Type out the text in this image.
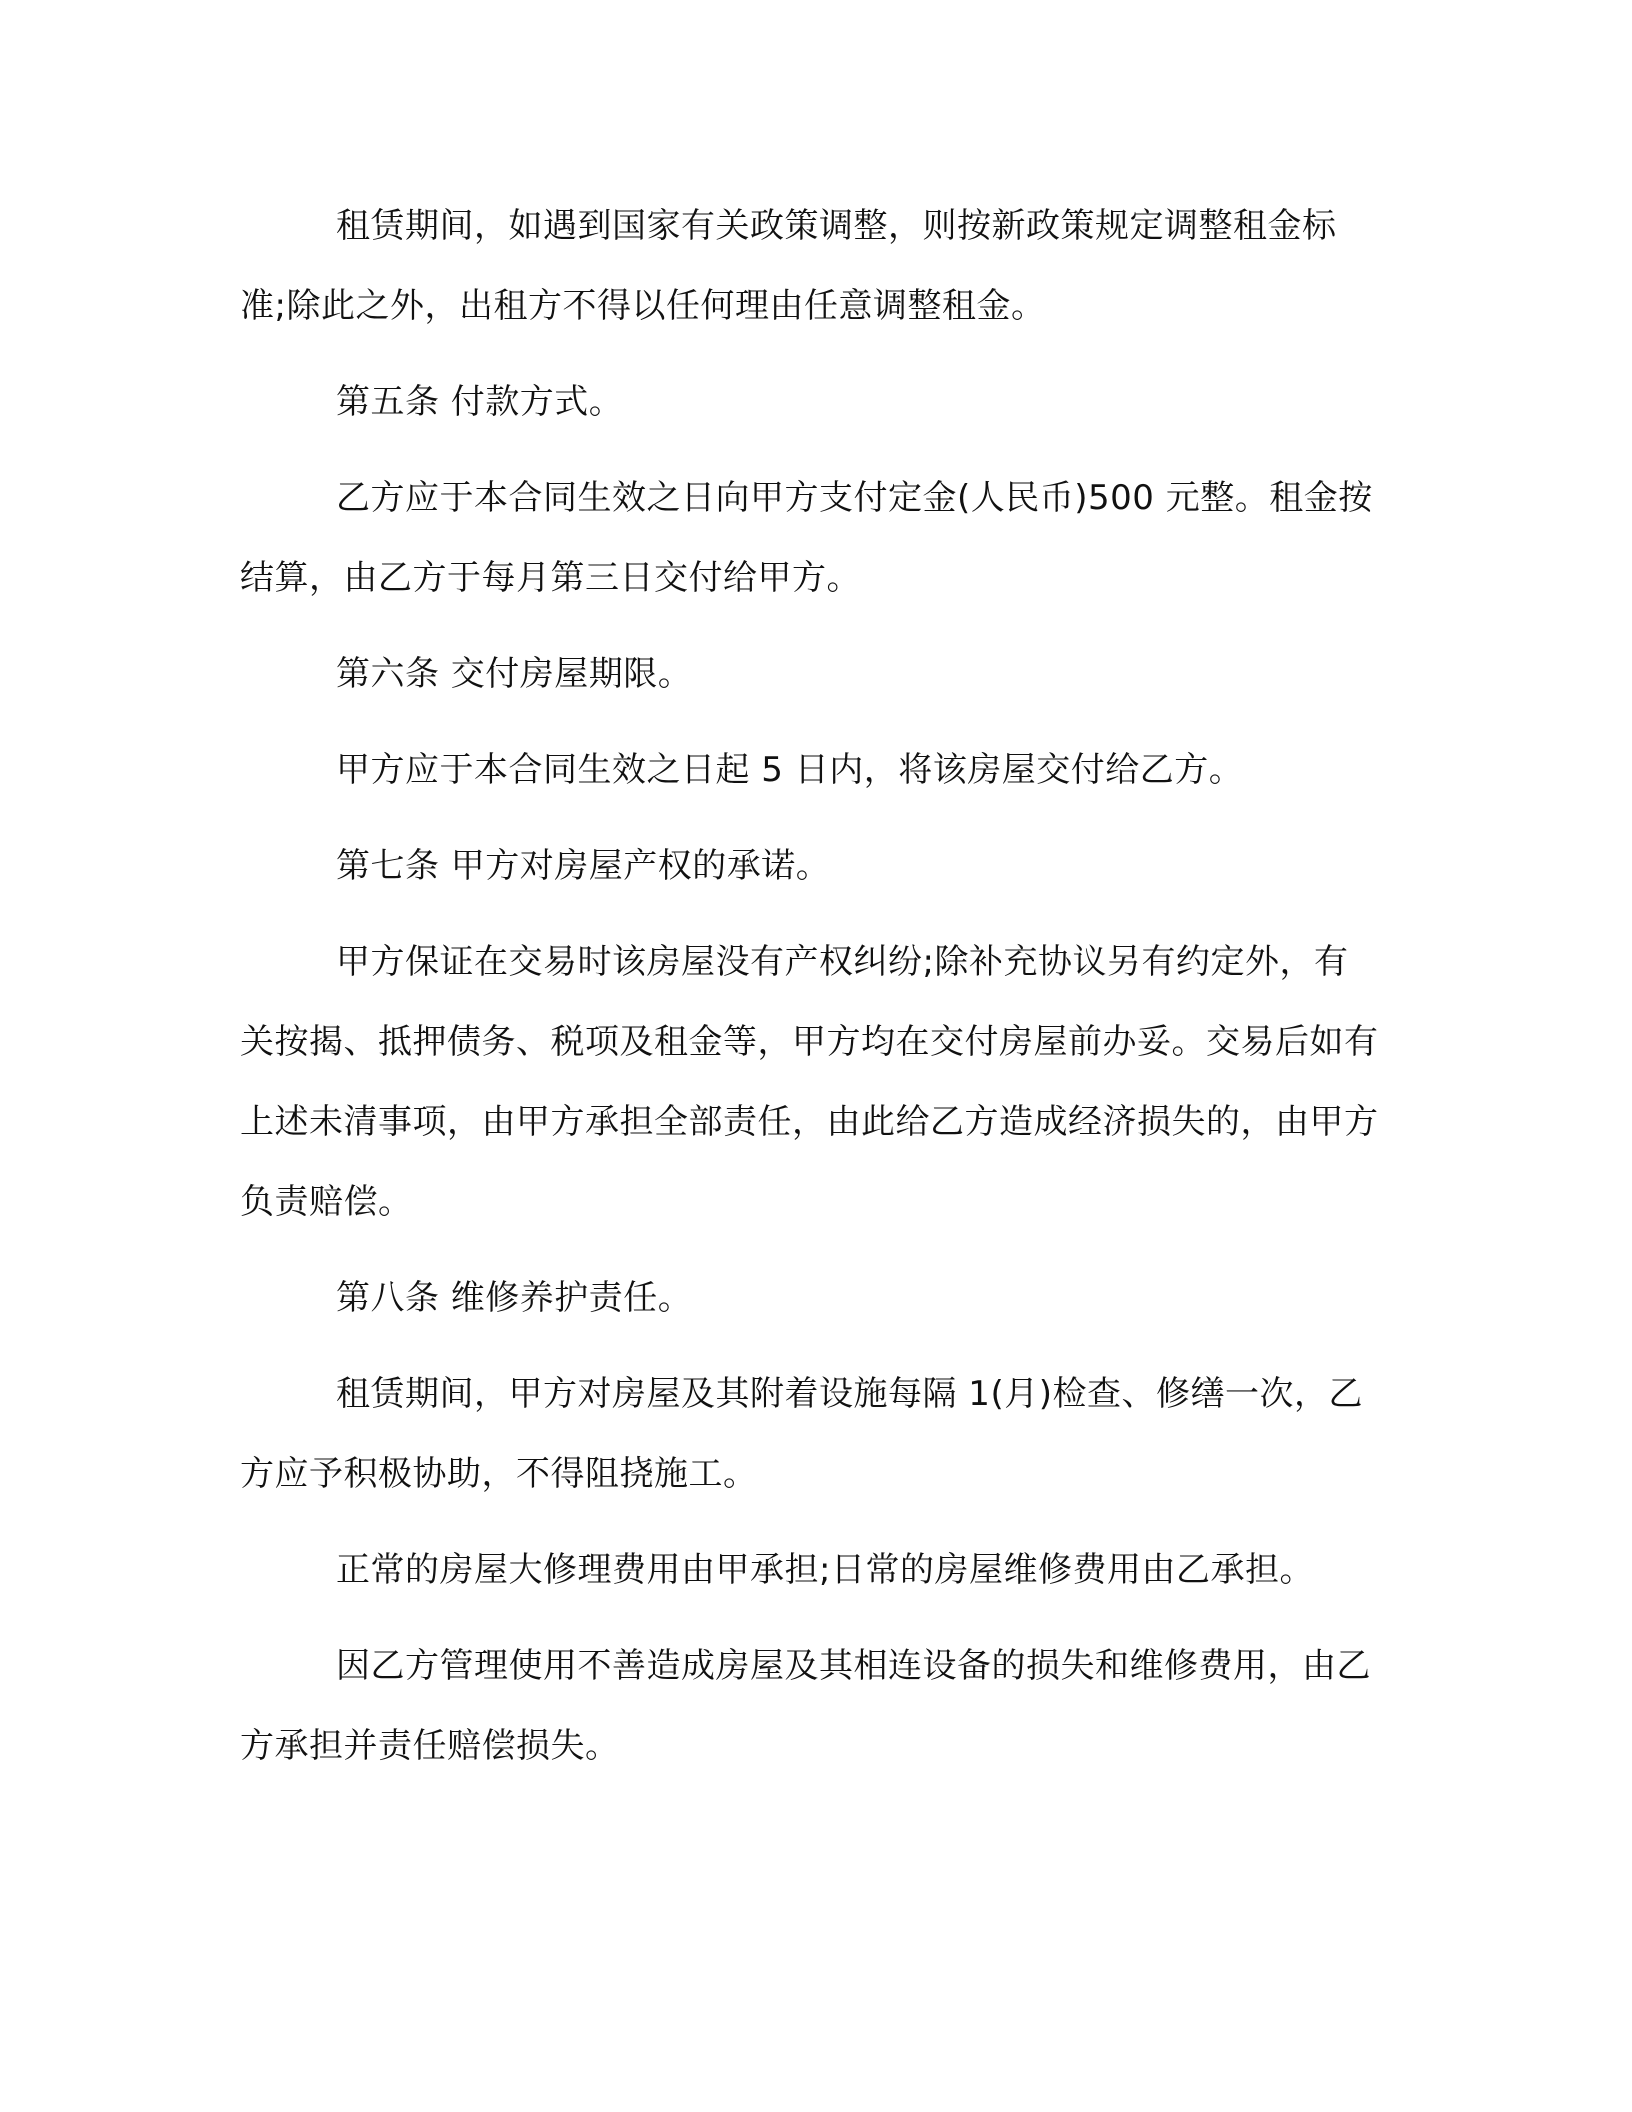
租赁期间，如遇到国家有关政策调整，则按新政策规定调整租金标准;除此之外，出租方不得以任何理由任意调整租金。

第五条 付款方式。

乙方应于本合同生效之日向甲方支付定金(人民币)500 元整。租金按结算，由乙方于每月第三日交付给甲方。

第六条 交付房屋期限。

甲方应于本合同生效之日起 5 日内，将该房屋交付给乙方。

第七条 甲方对房屋产权的承诺。

甲方保证在交易时该房屋没有产权纠纷;除补充协议另有约定外，有关按揭、抵押债务、税项及租金等，甲方均在交付房屋前办妥。交易后如有上述未清事项，由甲方承担全部责任，由此给乙方造成经济损失的，由甲方负责赔偿。

第八条 维修养护责任。

租赁期间，甲方对房屋及其附着设施每隔 1(月)检查、修缮一次，乙方应予积极协助，不得阻挠施工。

正常的房屋大修理费用由甲承担;日常的房屋维修费用由乙承担。

因乙方管理使用不善造成房屋及其相连设备的损失和维修费用，由乙方承担并责任赔偿损失。
